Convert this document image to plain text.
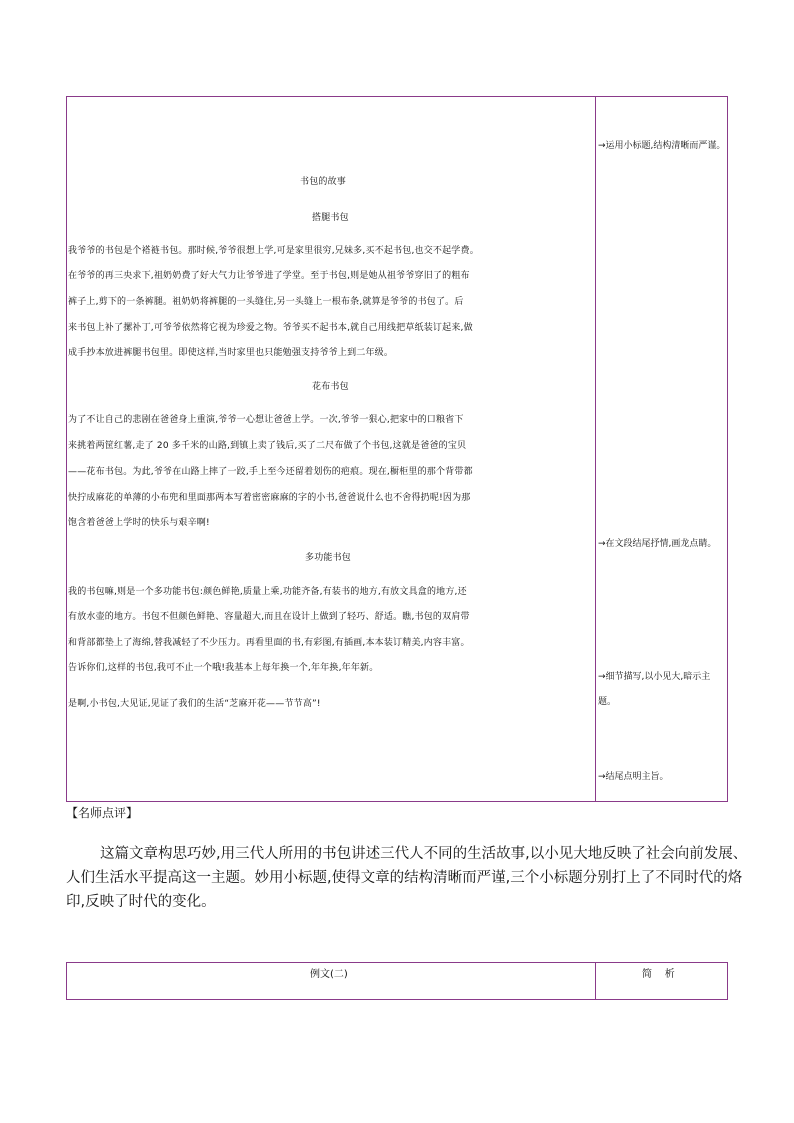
书包的故事
搭腿书包
我爷爷的书包是个褡裢书包。那时候,爷爷很想上学,可是家里很穷,兄妹多,买不起书包,也交不起学费。
在爷爷的再三央求下,祖奶奶费了好大气力让爷爷进了学堂。至于书包,则是她从祖爷爷穿旧了的粗布
裤子上,剪下的一条裤腿。祖奶奶将裤腿的一头缝住,另一头缝上一根布条,就算是爷爷的书包了。后
来书包上补了摞补丁,可爷爷依然将它视为珍爱之物。爷爷买不起书本,就自己用线把草纸装订起来,做
成手抄本放进裤腿书包里。即使这样,当时家里也只能勉强支持爷爷上到二年级。
花布书包
为了不让自己的悲剧在爸爸身上重演,爷爷一心想让爸爸上学。一次,爷爷一狠心,把家中的口粮省下
来挑着两筐红薯,走了 20 多千米的山路,到镇上卖了钱后,买了二尺布做了个书包,这就是爸爸的宝贝
——花布书包。为此,爷爷在山路上摔了一跤,手上至今还留着划伤的疤痕。现在,橱柜里的那个背带都
快拧成麻花的单薄的小布兜和里面那两本写着密密麻麻的字的小书,爸爸说什么也不舍得扔呢!因为那
饱含着爸爸上学时的快乐与艰辛啊!
多功能书包
我的书包嘛,则是一个多功能书包:颜色鲜艳,质量上乘,功能齐备,有装书的地方,有放文具盒的地方,还
有放水壶的地方。书包不但颜色鲜艳、容量超大,而且在设计上做到了轻巧、舒适。瞧,书包的双肩带
和背部都垫上了海绵,替我减轻了不少压力。再看里面的书,有彩图,有插画,本本装订精美,内容丰富。
告诉你们,这样的书包,我可不止一个哦!我基本上每年换一个,年年换,年年新。
是啊,小书包,大见证,见证了我们的生活“芝麻开花——节节高”!
→运用小标题,结构清晰而严谨。
→在文段结尾抒情,画龙点睛。
→细节描写,以小见大,暗示主题。
→结尾点明主旨。
【名师点评】
这篇文章构思巧妙,用三代人所用的书包讲述三代人不同的生活故事,以小见大地反映了社会向前发展、
人们生活水平提高这一主题。妙用小标题,使得文章的结构清晰而严谨,三个小标题分别打上了不同时代的烙
印,反映了时代的变化。
例文(二)	简    析
